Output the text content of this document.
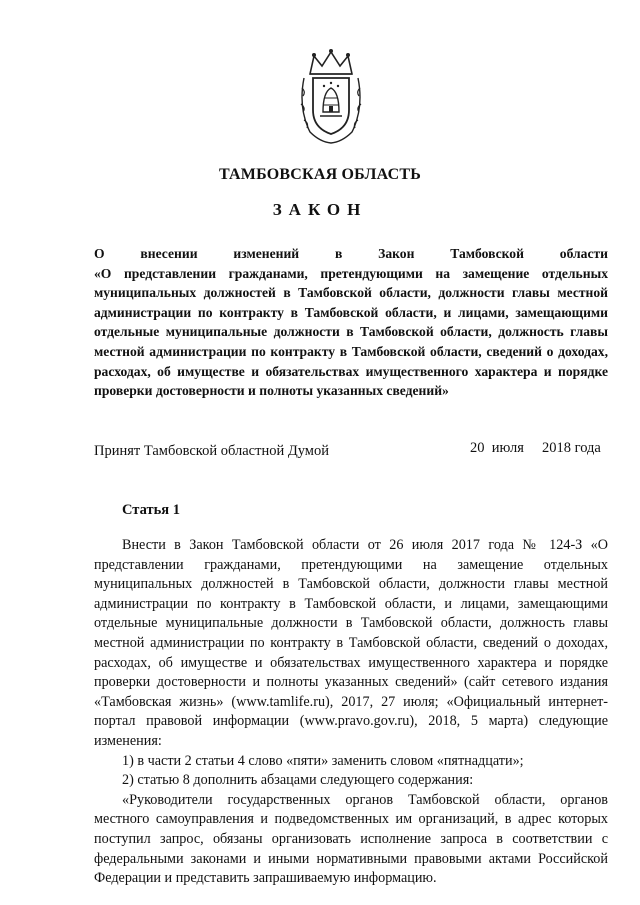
ТАМБОВСКАЯ ОБЛАСТЬ
ЗАКОН

О внесении изменений в Закон Тамбовской области
«О представлении гражданами, претендующими на замещение отдельных муниципальных должностей в Тамбовской области, должности главы местной администрации по контракту в Тамбовской области, и лицами, замещающими отдельные муниципальные должности в Тамбовской области, должность главы местной администрации по контракту в Тамбовской области, сведений о доходах, расходах, об имуществе и обязательствах имущественного характера и порядке проверки достоверности и полноты указанных сведений»

Принят Тамбовской областной Думой	20  июля     2018 года
Статья 1

Внести в Закон Тамбовской области от 26 июля 2017 года № 124-З «О представлении гражданами, претендующими на замещение отдельных муниципальных должностей в Тамбовской области, должности главы местной администрации по контракту в Тамбовской области, и лицами, замещающими отдельные муниципальные должности в Тамбовской области, должность главы местной администрации по контракту в Тамбовской области, сведений о доходах, расходах, об имуществе и обязательствах имущественного характера и порядке проверки достоверности и полноты указанных сведений» (сайт сетевого издания «Тамбовская жизнь» (www.tamlife.ru), 2017, 27 июля; «Официальный интернет-портал правовой информации (www.pravo.gov.ru), 2018, 5 марта) следующие изменения:

1) в части 2 статьи 4 слово «пяти» заменить словом «пятнадцати»;

2) статью 8 дополнить абзацами следующего содержания:

«Руководители государственных органов Тамбовской области, органов местного самоуправления и подведомственных им организаций, в адрес которых поступил запрос, обязаны организовать исполнение запроса в соответствии с федеральными законами и иными нормативными правовыми актами Российской Федерации и представить запрашиваемую информацию.
